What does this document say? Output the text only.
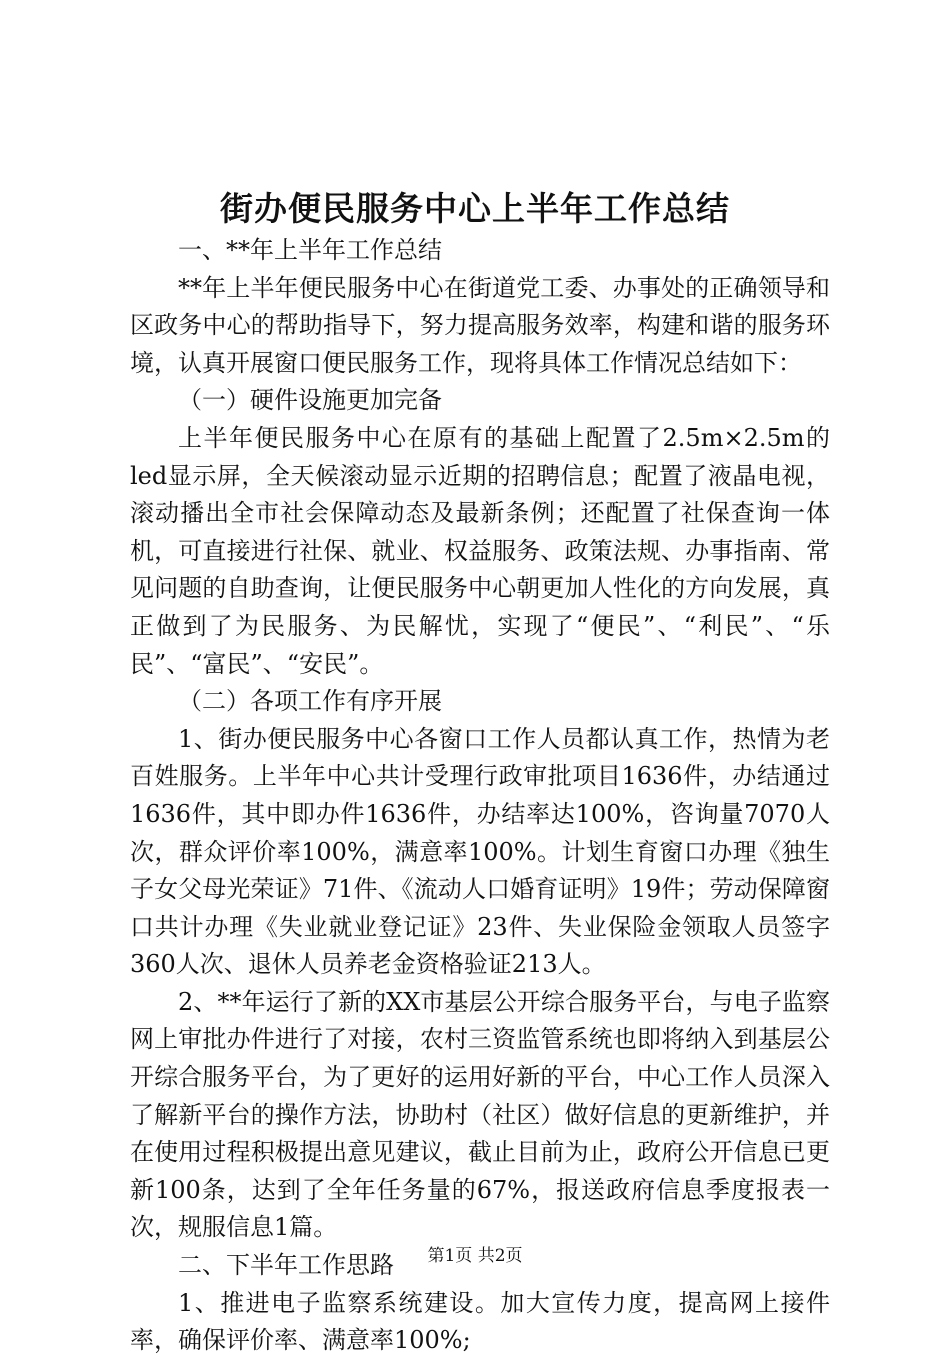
街办便民服务中心上半年工作总结

一、**年上半年工作总结

**年上半年便民服务中心在街道党工委、办事处的正确领导和区政务中心的帮助指导下，努力提高服务效率，构建和谐的服务环境，认真开展窗口便民服务工作，现将具体工作情况总结如下：

（一）硬件设施更加完备

上半年便民服务中心在原有的基础上配置了2.5m×2.5m的led显示屏，全天候滚动显示近期的招聘信息；配置了液晶电视，滚动播出全市社会保障动态及最新条例；还配置了社保查询一体机，可直接进行社保、就业、权益服务、政策法规、办事指南、常见问题的自助查询，让便民服务中心朝更加人性化的方向发展，真正做到了为民服务、为民解忧，实现了“便民”、“利民”、“乐民”、“富民”、“安民”。

（二）各项工作有序开展

1、街办便民服务中心各窗口工作人员都认真工作，热情为老百姓服务。上半年中心共计受理行政审批项目1636件，办结通过1636件，其中即办件1636件，办结率达100%，咨询量7070人次，群众评价率100%，满意率100%。计划生育窗口办理《独生子女父母光荣证》71件、《流动人口婚育证明》19件；劳动保障窗口共计办理《失业就业登记证》23件、失业保险金领取人员签字360人次、退休人员养老金资格验证213人。

2、**年运行了新的XX市基层公开综合服务平台，与电子监察网上审批办件进行了对接，农村三资监管系统也即将纳入到基层公开综合服务平台，为了更好的运用好新的平台，中心工作人员深入了解新平台的操作方法，协助村（社区）做好信息的更新维护，并在使用过程积极提出意见建议，截止目前为止，政府公开信息已更新100条，达到了全年任务量的67%，报送政府信息季度报表一次，规服信息1篇。

二、下半年工作思路

1、推进电子监察系统建设。加大宣传力度，提高网上接件率，确保评价率、满意率100%;

第1页 共2页
